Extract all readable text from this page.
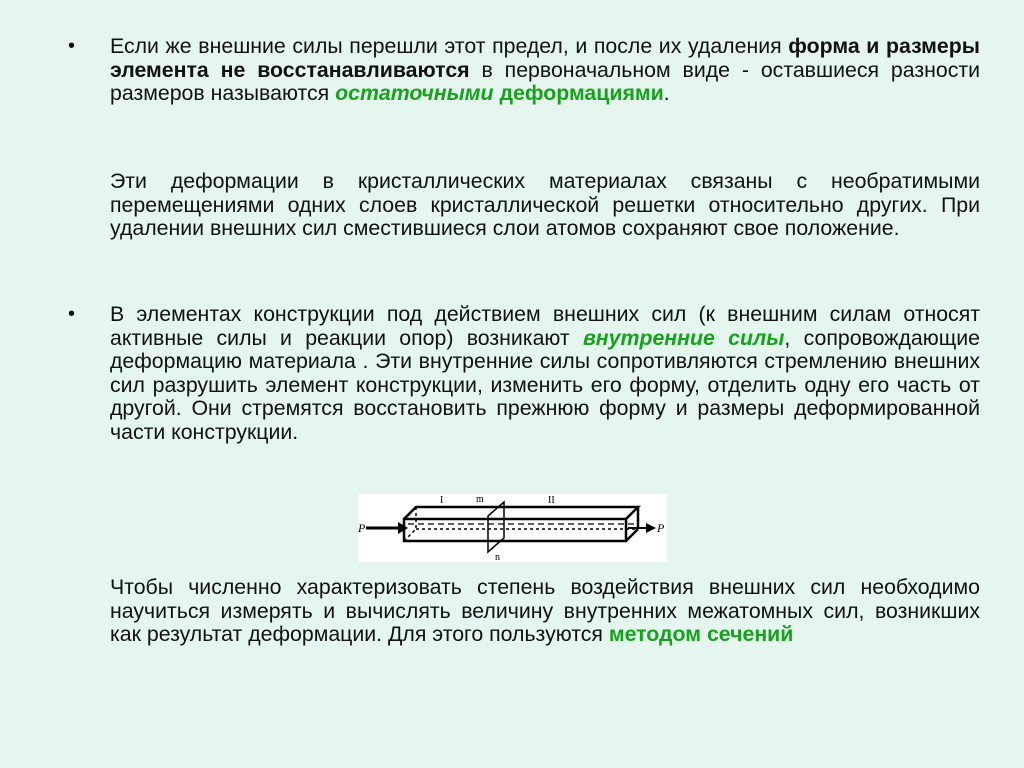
• Если же внешние силы перешли этот предел, и после их удаления форма и размеры элемента не восстанавливаются в первоначальном виде - оставшиеся разности размеров называются остаточными деформациями.
Эти деформации в кристаллических материалах связаны с необратимыми перемещениями одних слоев кристаллической решетки относительно других. При удалении внешних сил сместившиеся слои атомов сохраняют свое положение.
• В элементах конструкции под действием внешних сил (к внешним силам относят активные силы и реакции опор) возникают внутренние силы, сопровождающие деформацию материала . Эти внутренние силы сопротивляются стремлению внешних сил разрушить элемент конструкции, изменить его форму, отделить одну его часть от другой. Они стремятся восстановить прежнюю форму и размеры деформированной части конструкции.
P
m
n
I	II
P
Чтобы численно характеризовать степень воздействия внешних сил необходимо научиться измерять и вычислять величину внутренних межатомных сил, возникших как результат деформации. Для этого пользуются методом сечений
